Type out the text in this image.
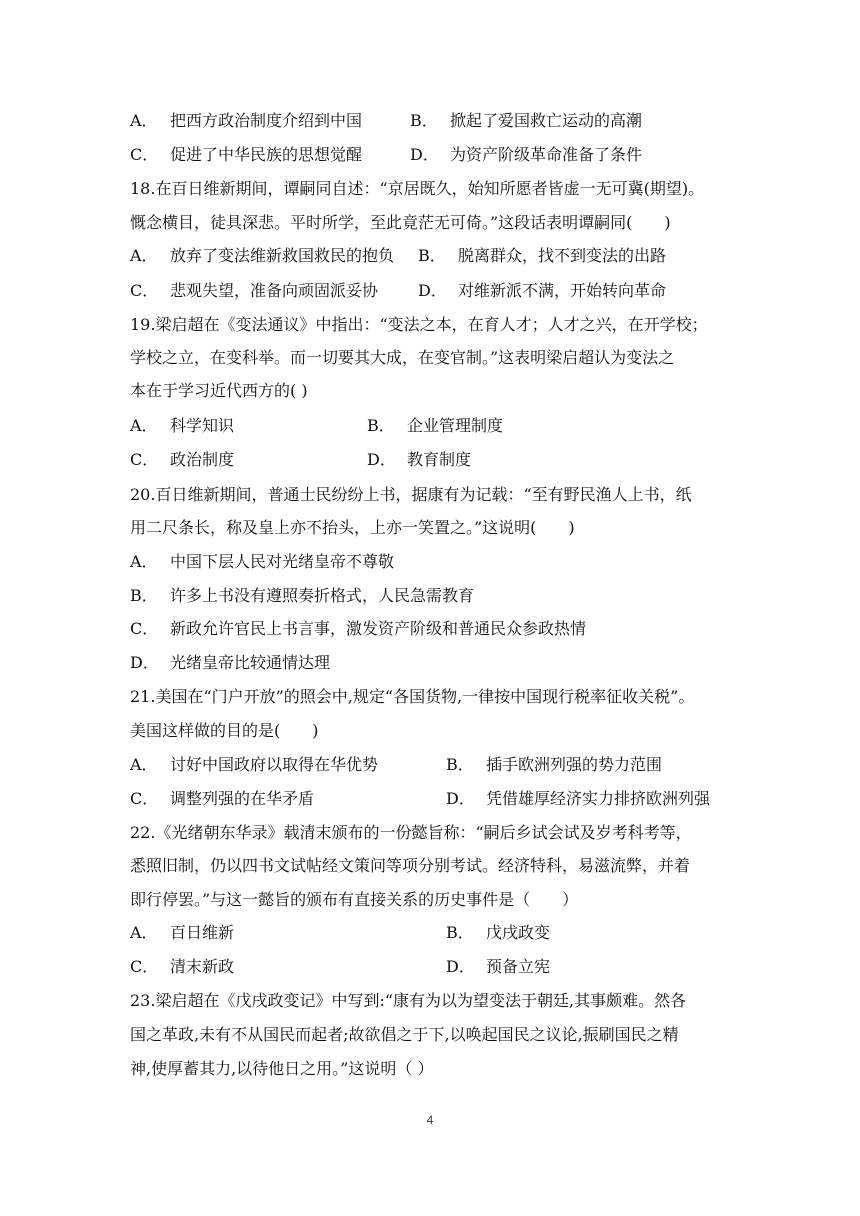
A． 把西方政治制度介绍到中国	B． 掀起了爱国救亡运动的高潮
C． 促进了中华民族的思想觉醒	D． 为资产阶级革命准备了条件
18.在百日维新期间，谭嗣同自述：“京居既久，始知所愿者皆虚一无可冀(期望)。
慨念横目，徒具深悲。平时所学，至此竟茫无可倚。”这段话表明谭嗣同(　　)
A． 放弃了变法维新救国救民的抱负 B． 脱离群众，找不到变法的出路
C． 悲观失望，准备向顽固派妥协 D． 对维新派不满，开始转向革命
19.梁启超在《变法通议》中指出：“变法之本，在育人才；人才之兴，在开学校；
学校之立，在变科举。而一切要其大成，在变官制。”这表明梁启超认为变法之
本在于学习近代西方的( )
A． 科学知识	B． 企业管理制度
C． 政治制度	D． 教育制度
20.百日维新期间，普通士民纷纷上书，据康有为记载：“至有野民渔人上书，纸
用二尺条长，称及皇上亦不抬头，上亦一笑置之。”这说明(　　)
A． 中国下层人民对光绪皇帝不尊敬
B． 许多上书没有遵照奏折格式，人民急需教育
C． 新政允许官民上书言事，激发资产阶级和普通民众参政热情
D． 光绪皇帝比较通情达理
21.美国在“门户开放”的照会中,规定“各国货物,一律按中国现行税率征收关税”。
美国这样做的目的是(　　)
A． 讨好中国政府以取得在华优势	B． 插手欧洲列强的势力范围
C． 调整列强的在华矛盾	D． 凭借雄厚经济实力排挤欧洲列强
22.《光绪朝东华录》载清末颁布的一份懿旨称：“嗣后乡试会试及岁考科考等，
悉照旧制，仍以四书文试帖经文策问等项分别考试。经济特科，易滋流弊，并着
即行停罢。”与这一懿旨的颁布有直接关系的历史事件是（　　）
A． 百日维新	B． 戊戌政变
C． 清末新政	D． 预备立宪
23.梁启超在《戊戌政变记》中写到:“康有为以为望变法于朝廷,其事颇难。然各
国之革政,未有不从国民而起者;故欲倡之于下,以唤起国民之议论,振刷国民之精
神,使厚蓄其力,以待他日之用。”这说明（ ）
4
